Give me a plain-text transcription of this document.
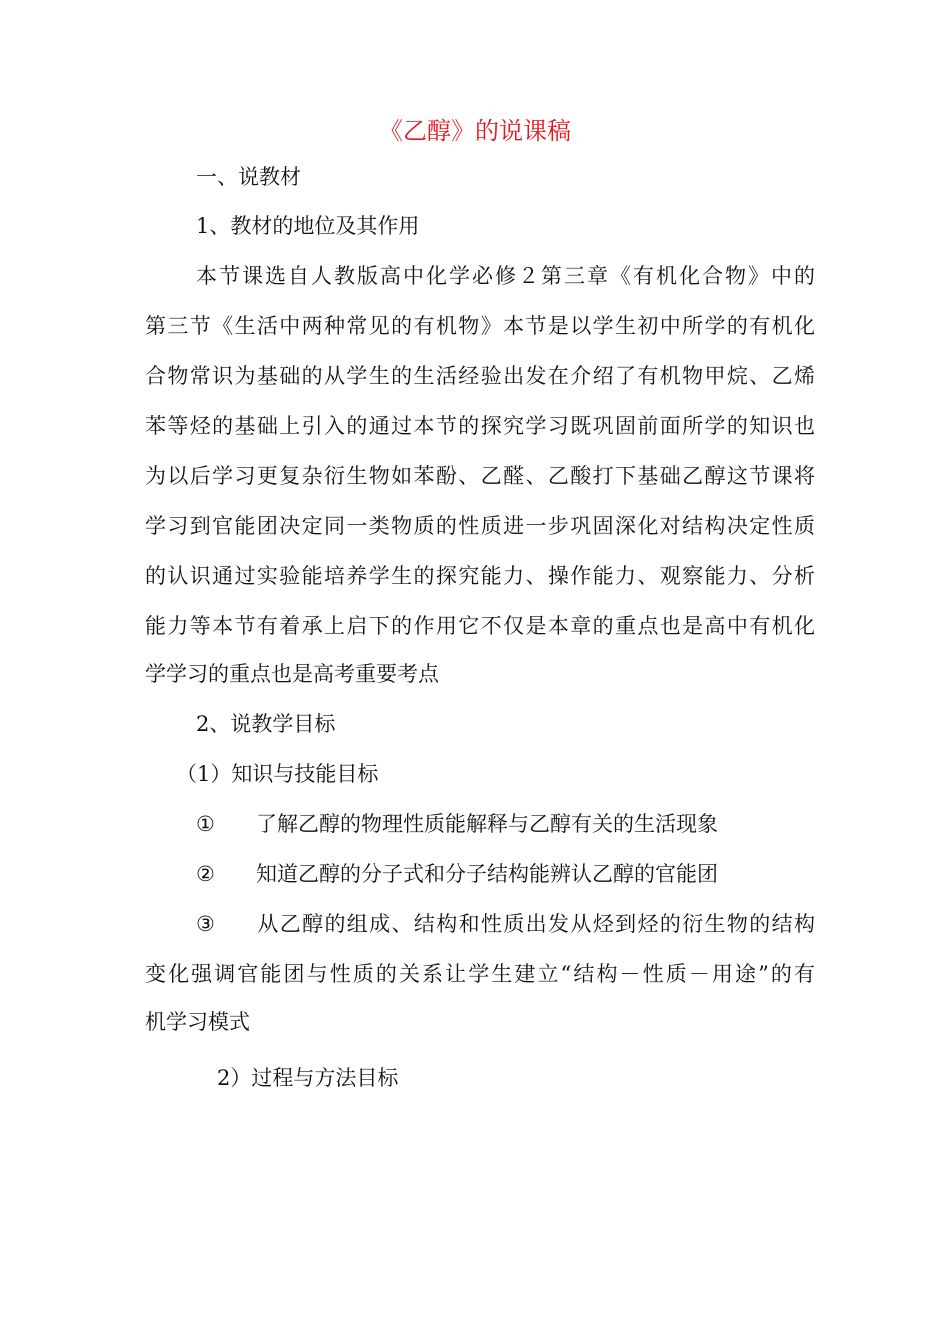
《乙醇》的说课稿
一、说教材
1、教材的地位及其作用
本节课选自人教版高中化学必修２第三章《有机化合物》中的
第三节《生活中两种常见的有机物》本节是以学生初中所学的有机化
合物常识为基础的从学生的生活经验出发在介绍了有机物甲烷、乙烯
苯等烃的基础上引入的通过本节的探究学习既巩固前面所学的知识也
为以后学习更复杂衍生物如苯酚、乙醛、乙酸打下基础乙醇这节课将
学习到官能团决定同一类物质的性质进一步巩固深化对结构决定性质
的认识通过实验能培养学生的探究能力、操作能力、观察能力、分析
能力等本节有着承上启下的作用它不仅是本章的重点也是高中有机化
学学习的重点也是高考重要考点
2、说教学目标
（1）知识与技能目标
① 了解乙醇的物理性质能解释与乙醇有关的生活现象
② 知道乙醇的分子式和分子结构能辨认乙醇的官能团
③ 从乙醇的组成、结构和性质出发从烃到烃的衍生物的结构
变化强调官能团与性质的关系让学生建立“结构－性质－用途”的有
机学习模式
2）过程与方法目标
